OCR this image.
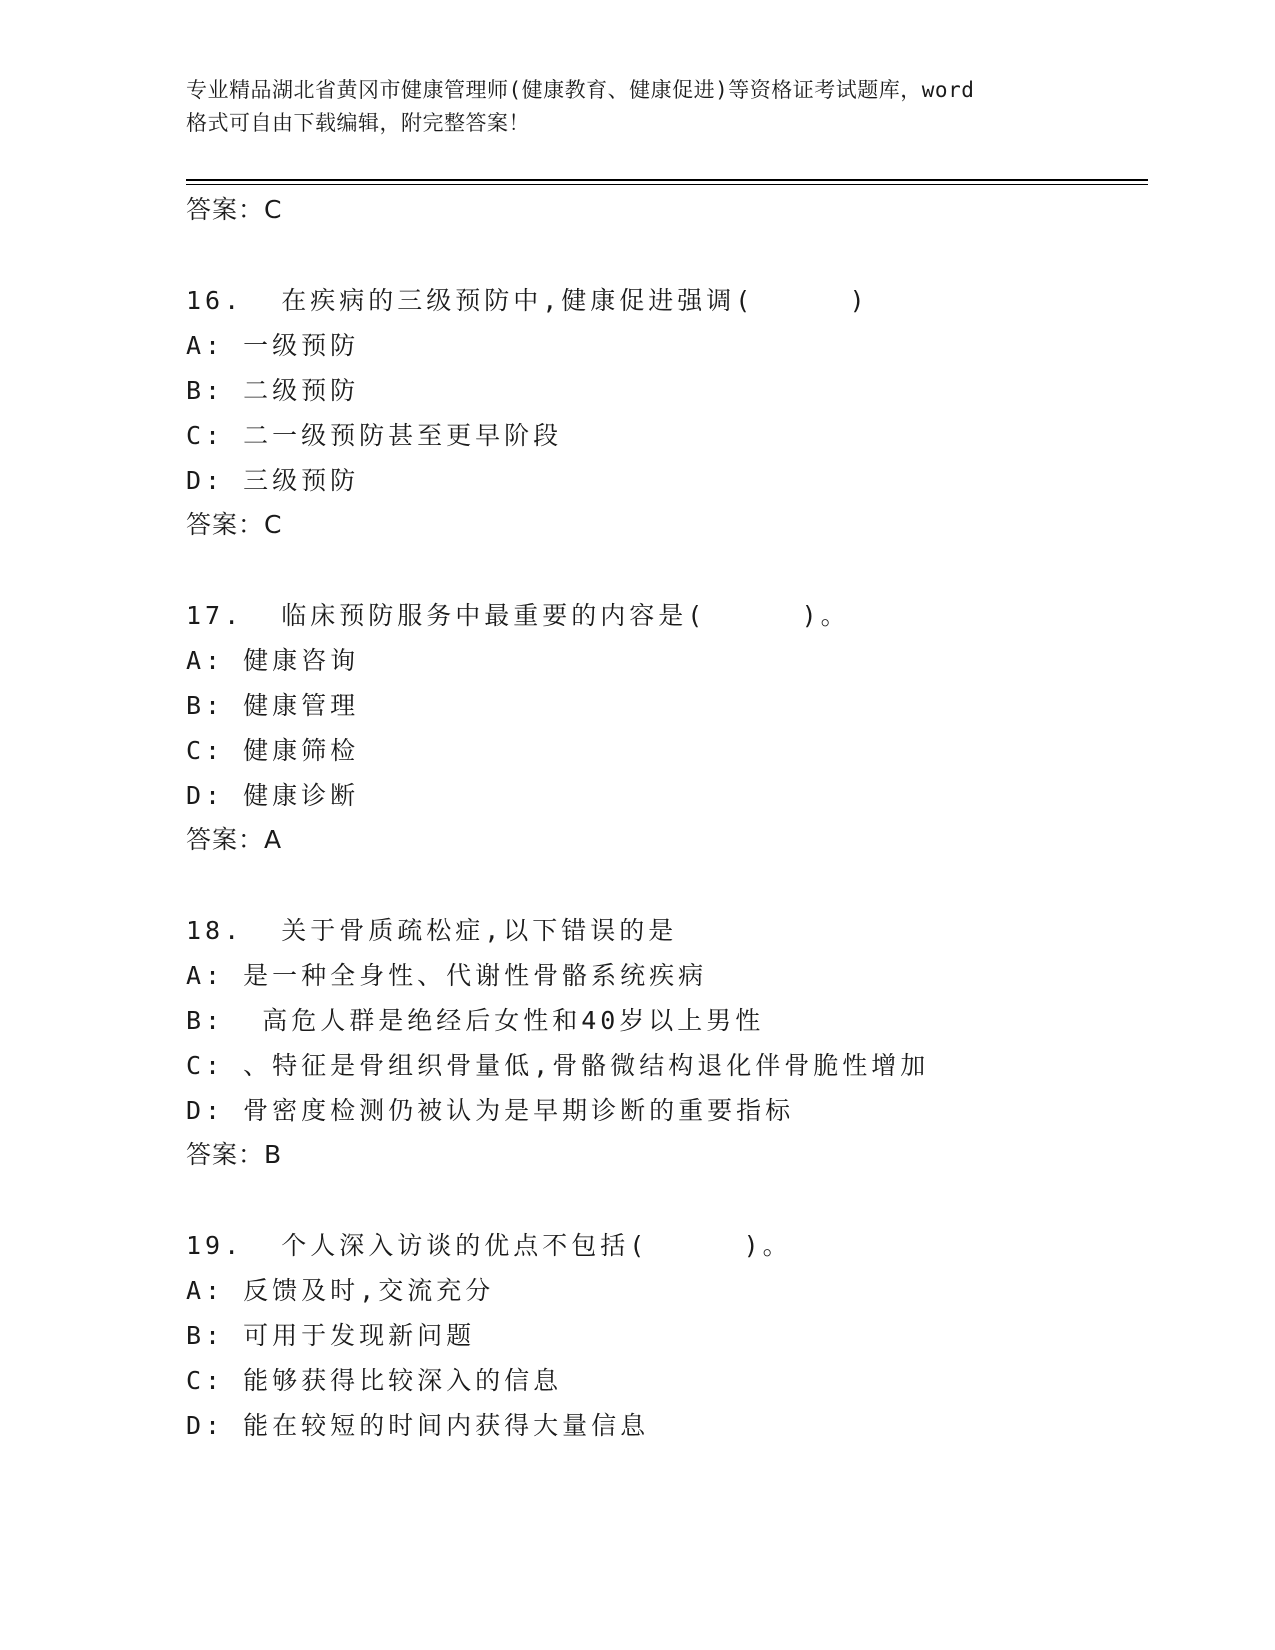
专业精品湖北省黄冈市健康管理师(健康教育、健康促进)等资格证考试题库，word
格式可自由下载编辑，附完整答案！
答案：C
16.  在疾病的三级预防中,健康促进强调(     )
A: 一级预防
B: 二级预防
C: 二一级预防甚至更早阶段
D: 三级预防
答案：C
17.  临床预防服务中最重要的内容是(     )。
A: 健康咨询
B: 健康管理
C: 健康筛检
D: 健康诊断
答案：A
18.  关于骨质疏松症,以下错误的是
A: 是一种全身性、代谢性骨骼系统疾病
B:  高危人群是绝经后女性和40岁以上男性
C: 、特征是骨组织骨量低,骨骼微结构退化伴骨脆性增加
D: 骨密度检测仍被认为是早期诊断的重要指标
答案：B
19.  个人深入访谈的优点不包括(     )。
A: 反馈及时,交流充分
B: 可用于发现新问题
C: 能够获得比较深入的信息
D: 能在较短的时间内获得大量信息
